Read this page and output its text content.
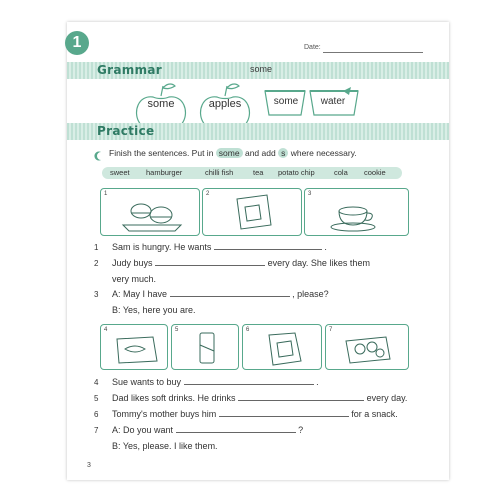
1	Date:
Grammar	some
some	apples	some	water
Practice
Finish the sentences. Put in some and add s where necessary.
sweet hamburger	chilli fish	tea potato chip	cola cookie
1	2	3
1 Sam is hungry. He wants	.
2 Judy buys	every day. She likes them
very much.
3 A: May I have	, please?
B: Yes, here you are.
4	5	6	7
4 Sue wants to buy	.
5 Dad likes soft drinks. He drinks	every day.
6 Tommy's mother buys him	for a snack.
7 A: Do you want	?
B: Yes, please. I like them.
3
